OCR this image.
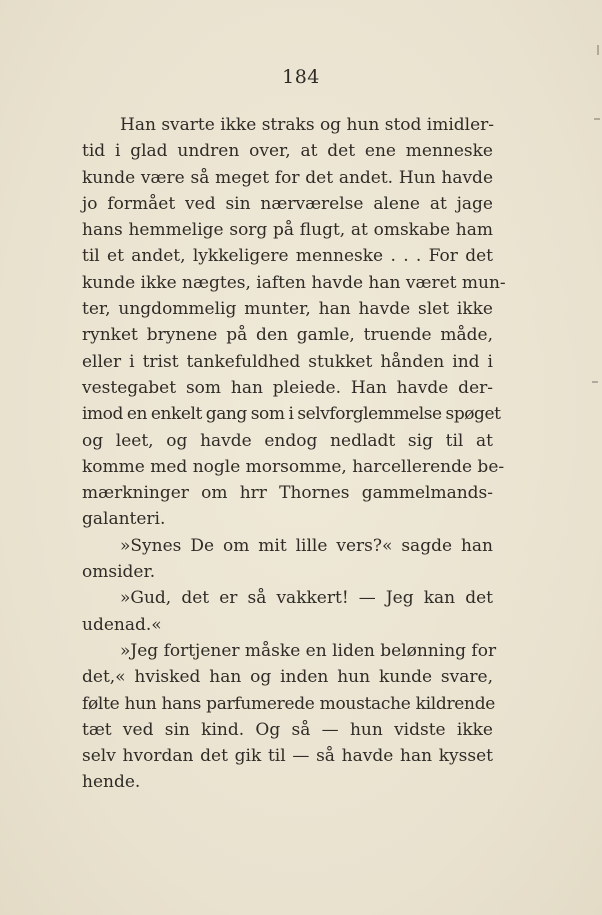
184
Han svarte ikke straks og hun stod imidler-
tid i glad undren over, at det ene menneske
kunde være så meget for det andet. Hun havde
jo formået ved sin nærværelse alene at jage
hans hemmelige sorg på flugt, at omskabe ham
til et andet, lykkeligere menneske . . . For det
kunde ikke nægtes, iaften havde han været mun-
ter, ungdommelig munter, han havde slet ikke
rynket brynene på den gamle, truende måde,
eller i trist tankefuldhed stukket hånden ind i
vestegabet som han pleiede. Han havde der-
imod en enkelt gang som i selvforglemmelse spøget
og leet, og havde endog nedladt sig til at
komme med nogle morsomme, harcellerende be-
mærkninger om hrr Thornes gammelmands-
galanteri.
»Synes De om mit lille vers?« sagde han
omsider.
»Gud, det er så vakkert! — Jeg kan det
udenad.«
»Jeg fortjener måske en liden belønning for
det,« hvisked han og inden hun kunde svare,
følte hun hans parfumerede moustache kildrende
tæt ved sin kind. Og så — hun vidste ikke
selv hvordan det gik til — så havde han kysset
hende.
